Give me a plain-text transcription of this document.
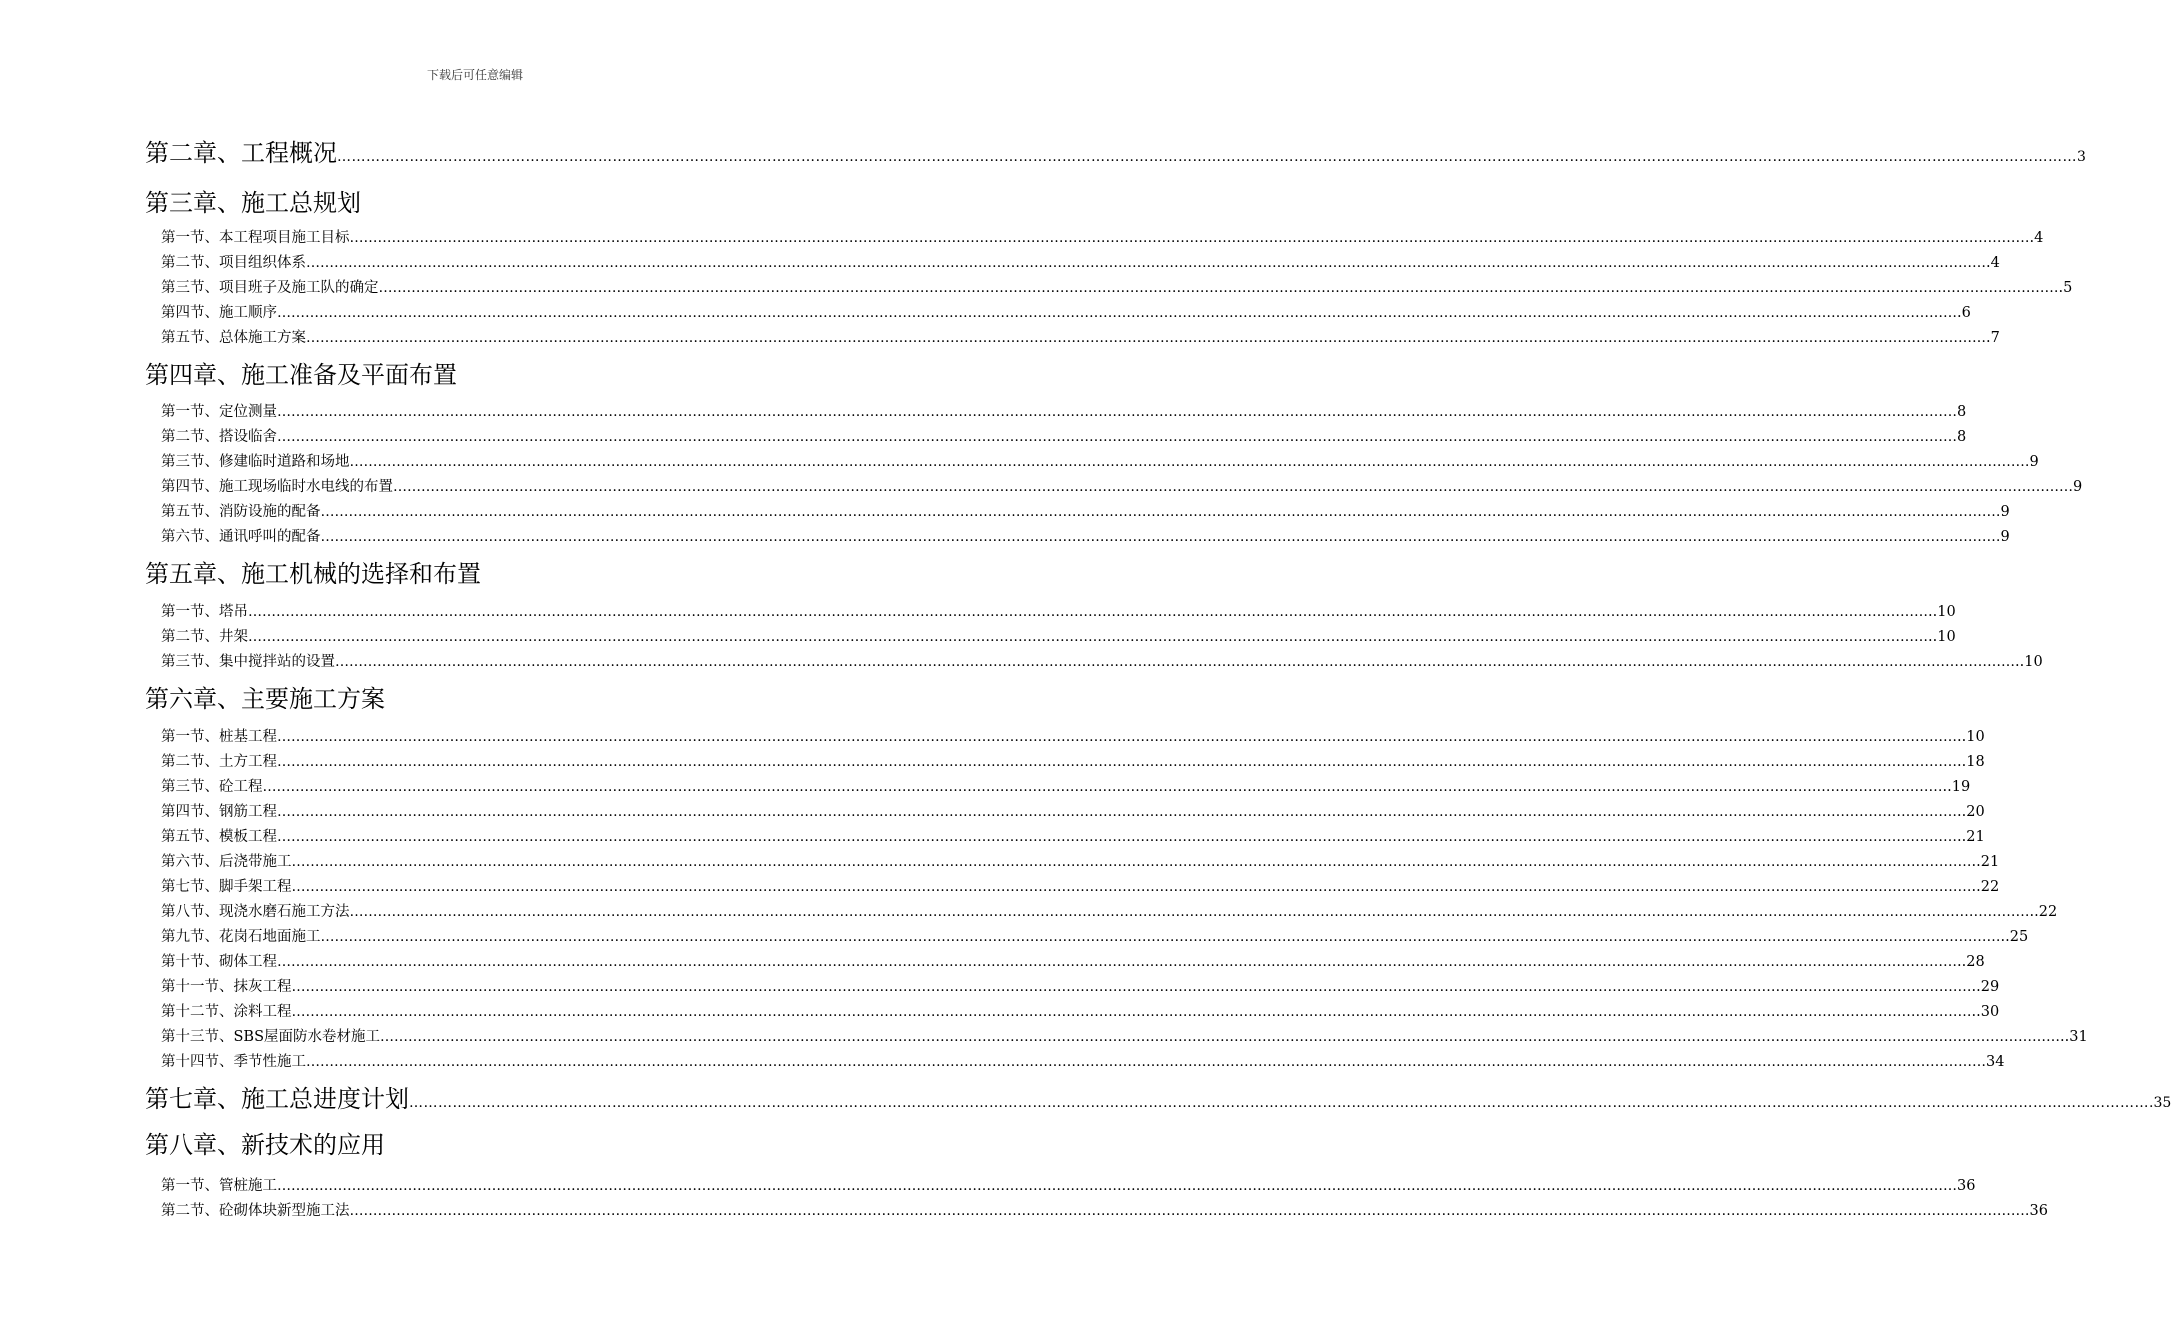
下载后可任意编辑
第二章、工程概况 ……………………………………………………………………………………………………………………………………………………………………………………………………………………………………………………………………………………………………………………………… 3
第三章、施工总规划
第一节、本工程项目施工目标 ……………………………………………………………………………………………………………………………………………………………………………………………………………………………………………………………………………………………………………………………… .4
第二节、项目组织体系 ……………………………………………………………………………………………………………………………………………………………………………………………………………………………………………………………………………………………………………………………… .4
第三节、项目班子及施工队的确定 ……………………………………………………………………………………………………………………………………………………………………………………………………………………………………………………………………………………………………………………………… .5
第四节、施工顺序 ……………………………………………………………………………………………………………………………………………………………………………………………………………………………………………………………………………………………………………………………… .6
第五节、总体施工方案 ……………………………………………………………………………………………………………………………………………………………………………………………………………………………………………………………………………………………………………………………… .7
第四章、施工准备及平面布置
第一节、定位测量 ……………………………………………………………………………………………………………………………………………………………………………………………………………………………………………………………………………………………………………………………… 8
第二节、搭设临舍 ……………………………………………………………………………………………………………………………………………………………………………………………………………………………………………………………………………………………………………………………… 8
第三节、修建临时道路和场地 ……………………………………………………………………………………………………………………………………………………………………………………………………………………………………………………………………………………………………………………………… 9
第四节、施工现场临时水电线的布置 ……………………………………………………………………………………………………………………………………………………………………………………………………………………………………………………………………………………………………………………………… 9
第五节、消防设施的配备 ……………………………………………………………………………………………………………………………………………………………………………………………………………………………………………………………………………………………………………………………… 9
第六节、通讯呼叫的配备 ……………………………………………………………………………………………………………………………………………………………………………………………………………………………………………………………………………………………………………………………… 9
第五章、施工机械的选择和布置
第一节、塔吊 ……………………………………………………………………………………………………………………………………………………………………………………………………………………………………………………………………………………………………………………………… ..10
第二节、井架 ……………………………………………………………………………………………………………………………………………………………………………………………………………………………………………………………………………………………………………………………… ..10
第三节、集中搅拌站的设置 ……………………………………………………………………………………………………………………………………………………………………………………………………………………………………………………………………………………………………………………………… ..10
第六章、主要施工方案
第一节、桩基工程 ……………………………………………………………………………………………………………………………………………………………………………………………………………………………………………………………………………………………………………………………… ..10
第二节、土方工程 ……………………………………………………………………………………………………………………………………………………………………………………………………………………………………………………………………………………………………………………………… ..18
第三节、砼工程 ……………………………………………………………………………………………………………………………………………………………………………………………………………………………………………………………………………………………………………………………… ..19
第四节、钢筋工程 ……………………………………………………………………………………………………………………………………………………………………………………………………………………………………………………………………………………………………………………………… ..20
第五节、模板工程 ……………………………………………………………………………………………………………………………………………………………………………………………………………………………………………………………………………………………………………………………… ..21
第六节、后浇带施工 ……………………………………………………………………………………………………………………………………………………………………………………………………………………………………………………………………………………………………………………………… ..21
第七节、脚手架工程 ……………………………………………………………………………………………………………………………………………………………………………………………………………………………………………………………………………………………………………………………… ..22
第八节、现浇水磨石施工方法 ……………………………………………………………………………………………………………………………………………………………………………………………………………………………………………………………………………………………………………………………… ..22
第九节、花岗石地面施工 ……………………………………………………………………………………………………………………………………………………………………………………………………………………………………………………………………………………………………………………………… ..25
第十节、砌体工程 ……………………………………………………………………………………………………………………………………………………………………………………………………………………………………………………………………………………………………………………………… ..28
第十一节、抹灰工程 ……………………………………………………………………………………………………………………………………………………………………………………………………………………………………………………………………………………………………………………………… ..29
第十二节、涂料工程 ……………………………………………………………………………………………………………………………………………………………………………………………………………………………………………………………………………………………………………………………… ..30
第十三节、SBS屋面防水卷材施工 ……………………………………………………………………………………………………………………………………………………………………………………………………………………………………………………………………………………………………………………………… ..31
第十四节、季节性施工 ……………………………………………………………………………………………………………………………………………………………………………………………………………………………………………………………………………………………………………………………… 34
第七章、施工总进度计划 ……………………………………………………………………………………………………………………………………………………………………………………………………………………………………………………………………………………………………………………………… .35
第八章、新技术的应用
第一节、管桩施工 ……………………………………………………………………………………………………………………………………………………………………………………………………………………………………………………………………………………………………………………………… 36
第二节、砼砌体块新型施工法 ……………………………………………………………………………………………………………………………………………………………………………………………………………………………………………………………………………………………………………………………… 36
